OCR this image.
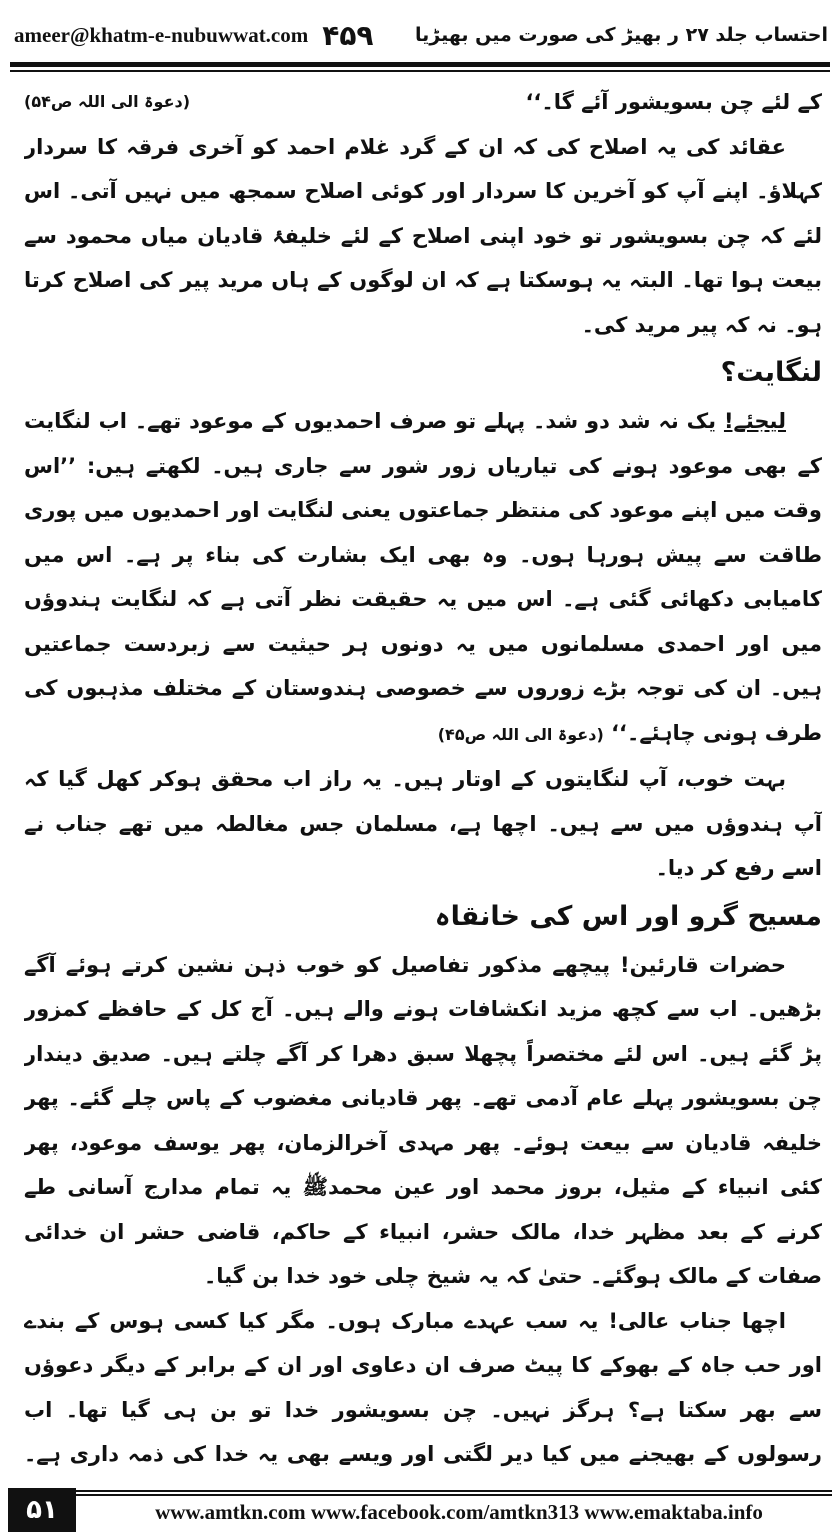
ameer@khatm-e-nubuwwat.com ۴۵۹ احتساب جلد ۲۷ ر بھیڑ کی صورت میں بھیڑیا

کے لئے چن بسویشور آئے گا۔‘‘
(دعوۃ الی اللہ ص۵۴)

عقائد کی یہ اصلاح کی کہ ان کے گرد غلام احمد کو آخری فرقہ کا سردار کہلاؤ۔ اپنے آپ کو آخرین کا سردار اور کوئی اصلاح سمجھ میں نہیں آتی۔ اس لئے کہ چن بسویشور تو خود اپنی اصلاح کے لئے خلیفۂ قادیان میاں محمود سے بیعت ہوا تھا۔ البتہ یہ ہوسکتا ہے کہ ان لوگوں کے ہاں مرید پیر کی اصلاح کرتا ہو۔ نہ کہ پیر مرید کی۔

لنگایت؟

لیجئے! یک نہ شد دو شد۔ پہلے تو صرف احمدیوں کے موعود تھے۔ اب لنگایت کے بھی موعود ہونے کی تیاریاں زور شور سے جاری ہیں۔ لکھتے ہیں: ’’اس وقت میں اپنے موعود کی منتظر جماعتوں یعنی لنگایت اور احمدیوں میں پوری طاقت سے پیش ہورہا ہوں۔ وہ بھی ایک بشارت کی بناء پر ہے۔ اس میں کامیابی دکھائی گئی ہے۔ اس میں یہ حقیقت نظر آتی ہے کہ لنگایت ہندوؤں میں اور احمدی مسلمانوں میں یہ دونوں ہر حیثیت سے زبردست جماعتیں ہیں۔ ان کی توجہ بڑے زوروں سے خصوصی ہندوستان کے مختلف مذہبوں کی طرف ہونی چاہئے۔‘‘ (دعوۃ الی اللہ ص۴۵)

بہت خوب، آپ لنگایتوں کے اوتار ہیں۔ یہ راز اب محقق ہوکر کھل گیا کہ آپ ہندوؤں میں سے ہیں۔ اچھا ہے، مسلمان جس مغالطہ میں تھے جناب نے اسے رفع کر دیا۔

مسیح گرو اور اس کی خانقاہ

حضرات قارئین! پیچھے مذکور تفاصیل کو خوب ذہن نشین کرتے ہوئے آگے بڑھیں۔ اب سے کچھ مزید انکشافات ہونے والے ہیں۔ آج کل کے حافظے کمزور پڑ گئے ہیں۔ اس لئے مختصراً پچھلا سبق دھرا کر آگے چلتے ہیں۔ صدیق دیندار چن بسویشور پہلے عام آدمی تھے۔ پھر قادیانی مغضوب کے پاس چلے گئے۔ پھر خلیفہ قادیان سے بیعت ہوئے۔ پھر مہدی آخرالزمان، پھر یوسف موعود، پھر کئی انبیاء کے مثیل، بروز محمد اور عین محمدﷺ یہ تمام مدارج آسانی طے کرنے کے بعد مظہر خدا، مالک حشر، انبیاء کے حاکم، قاضی حشر ان خدائی صفات کے مالک ہوگئے۔ حتیٰ کہ یہ شیخ چلی خود خدا بن گیا۔

اچھا جناب عالی! یہ سب عہدے مبارک ہوں۔ مگر کیا کسی ہوس کے بندے اور حب جاہ کے بھوکے کا پیٹ صرف ان دعاوی اور ان کے برابر کے دیگر دعوؤں سے بھر سکتا ہے؟ ہرگز نہیں۔ چن بسویشور خدا تو بن ہی گیا تھا۔ اب رسولوں کے بھیجنے میں کیا دیر لگتی اور ویسے بھی یہ خدا کی ذمہ داری ہے۔

۵۱	www.amtkn.com www.facebook.com/amtkn313 www.emaktaba.info
